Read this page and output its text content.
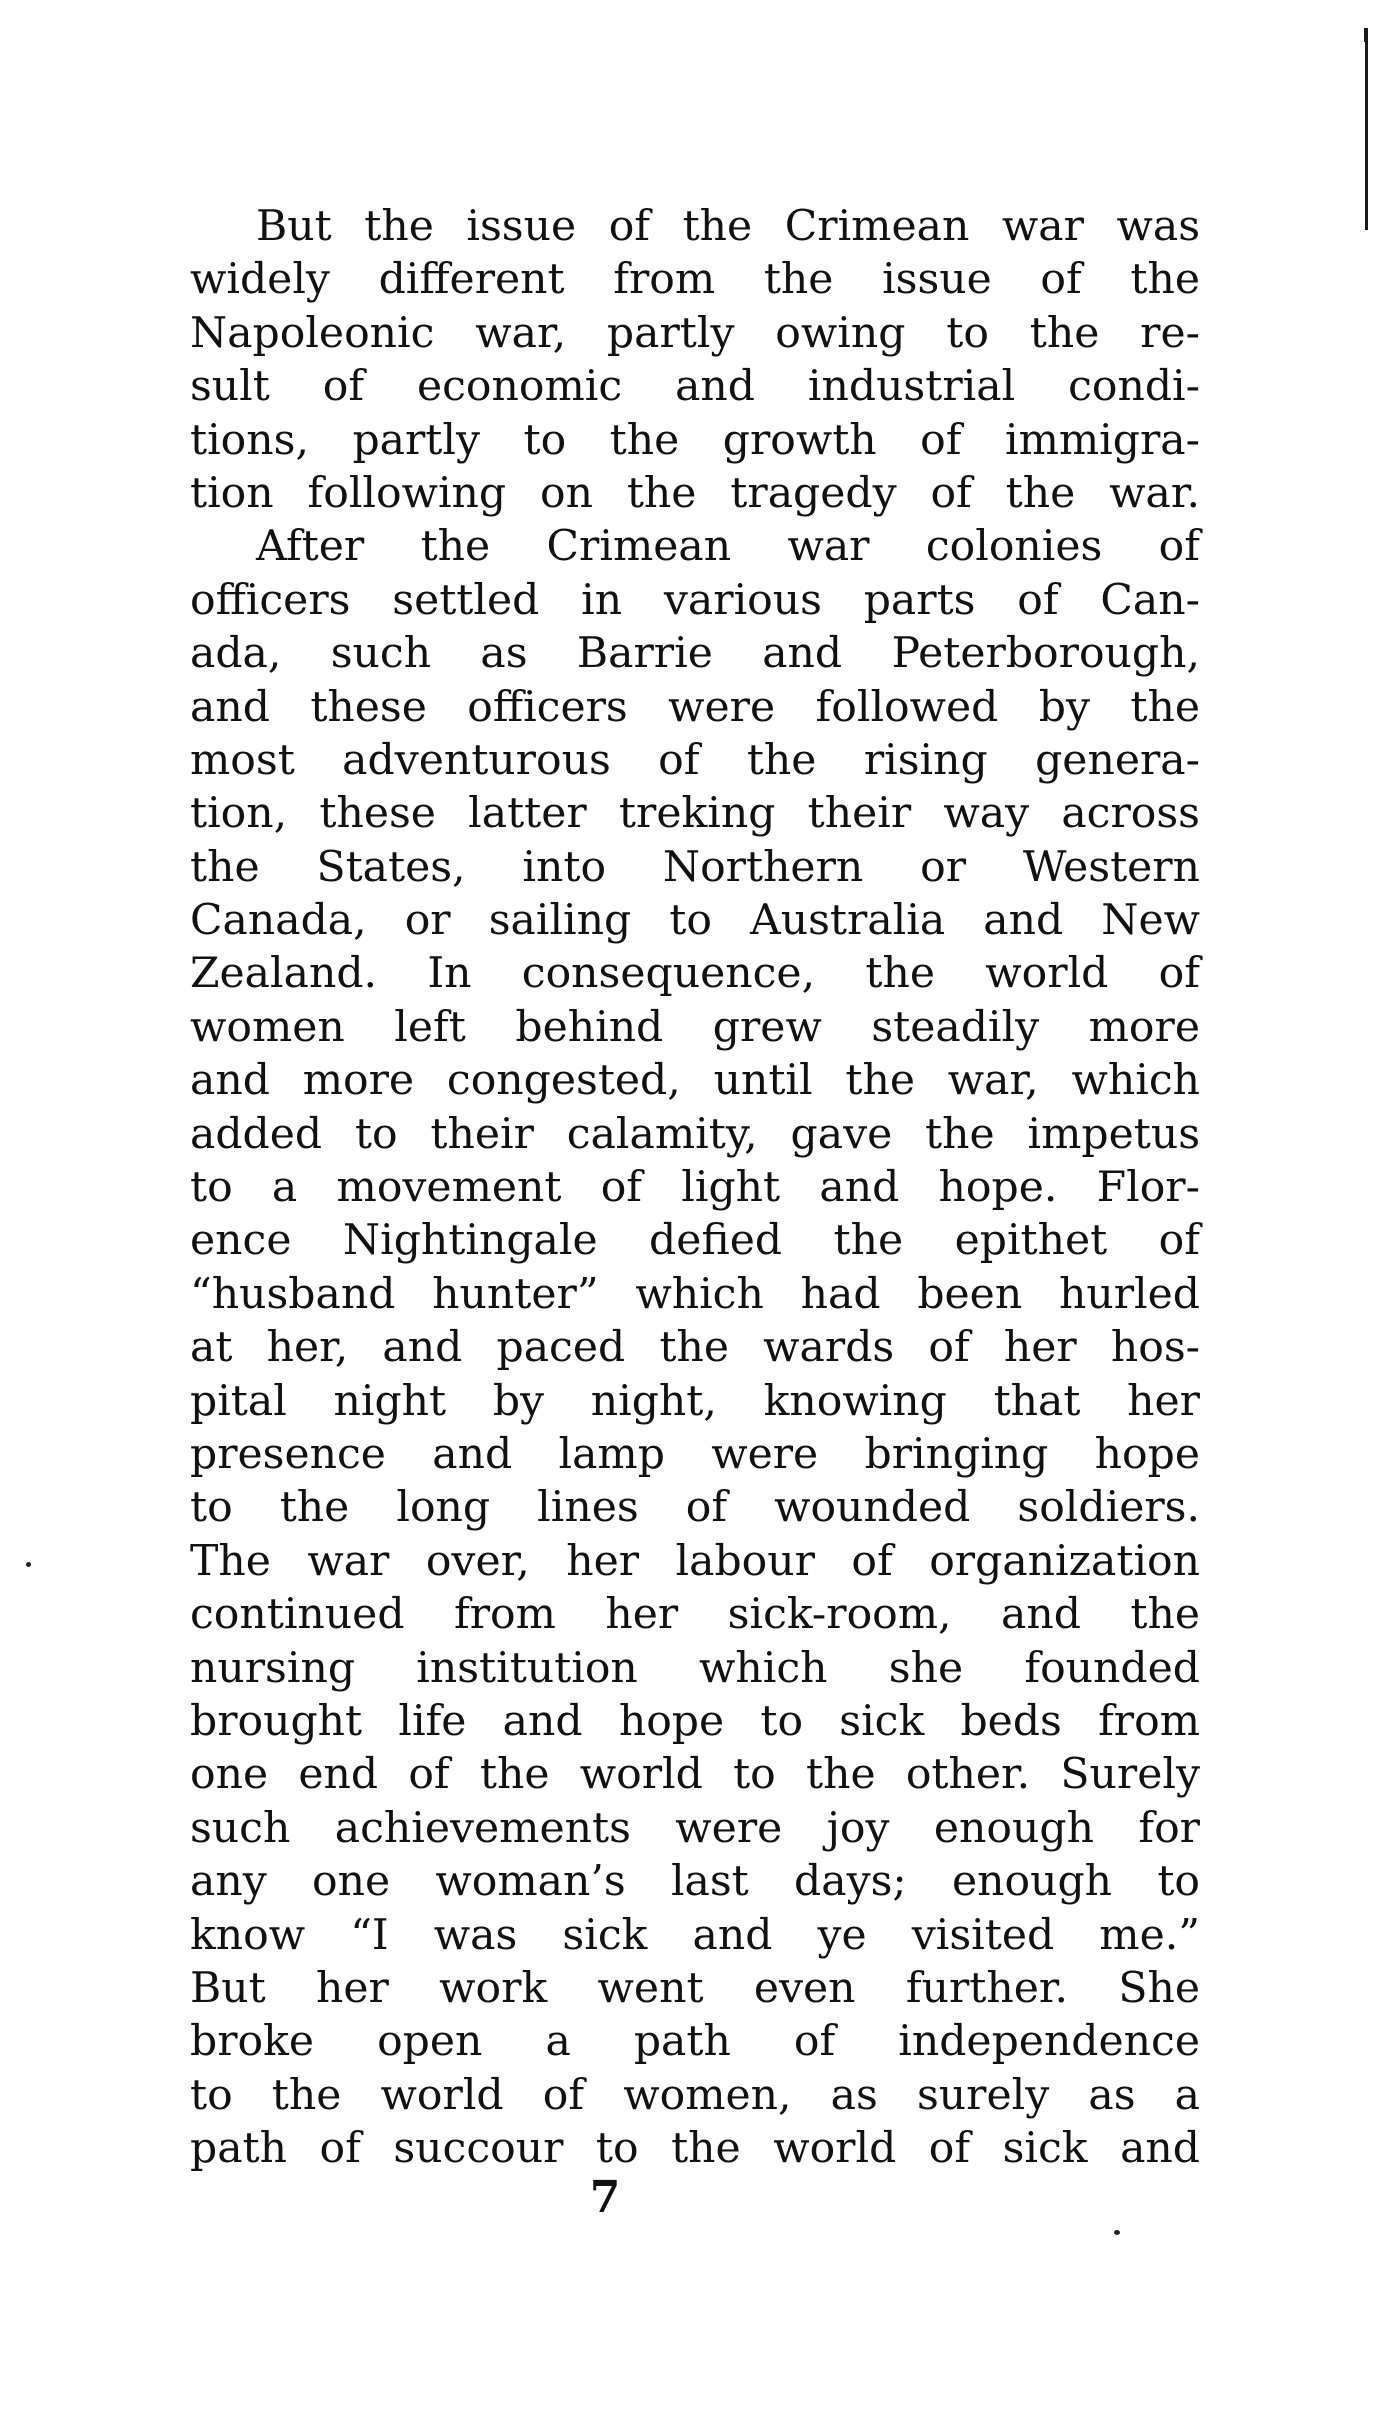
But the issue of the Crimean war was
widely different from the issue of the
Napoleonic war, partly owing to the re-
sult of economic and industrial condi-
tions, partly to the growth of immigra-
tion following on the tragedy of the war.

After the Crimean war colonies of
officers settled in various parts of Can-
ada, such as Barrie and Peterborough,
and these officers were followed by the
most adventurous of the rising genera-
tion, these latter treking their way across
the States, into Northern or Western
Canada, or sailing to Australia and New
Zealand. In consequence, the world of
women left behind grew steadily more
and more congested, until the war, which
added to their calamity, gave the impetus
to a movement of light and hope. Flor-
ence Nightingale defied the epithet of
“husband hunter” which had been hurled
at her, and paced the wards of her hos-
pital night by night, knowing that her
presence and lamp were bringing hope
to the long lines of wounded soldiers.
The war over, her labour of organization
continued from her sick-room, and the
nursing institution which she founded
brought life and hope to sick beds from
one end of the world to the other. Surely
such achievements were joy enough for
any one woman’s last days; enough to
know “I was sick and ye visited me.”
But her work went even further. She
broke open a path of independence
to the world of women, as surely as a
path of succour to the world of sick and

7
